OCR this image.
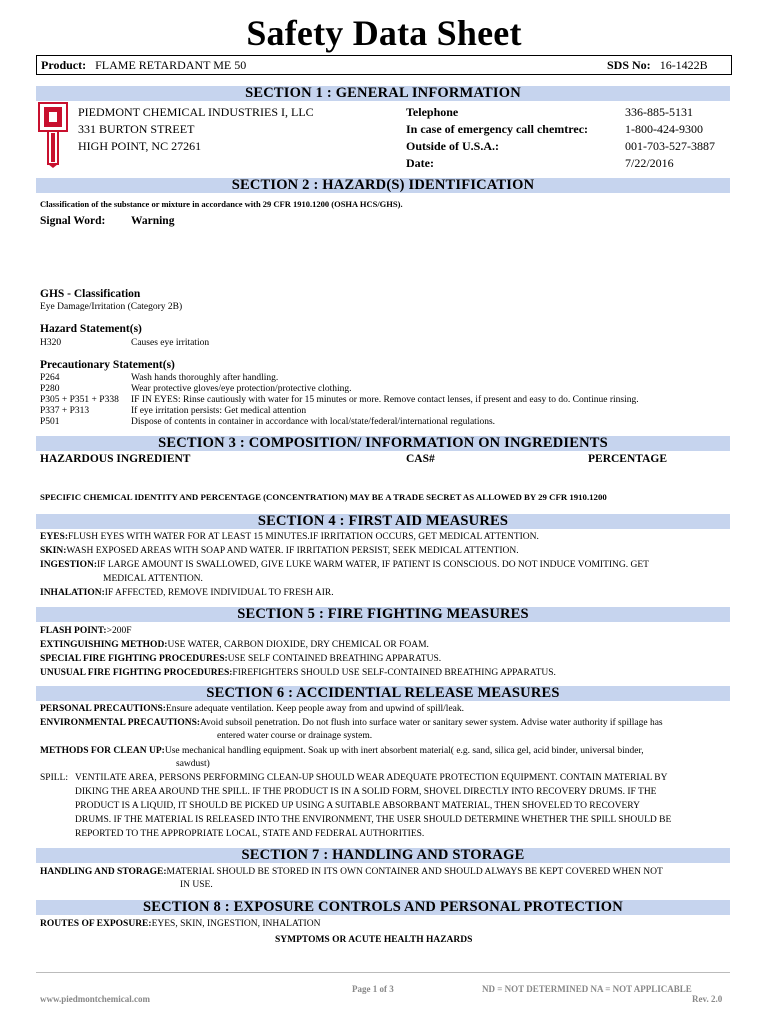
Safety Data Sheet
Product: FLAME RETARDANT ME 50	SDS No: 16-1422B
SECTION 1 : GENERAL INFORMATION
PIEDMONT CHEMICAL INDUSTRIES I, LLC
331 BURTON STREET
HIGH POINT, NC 27261
Telephone	336-885-5131
In case of emergency call chemtrec:	1-800-424-9300
Outside of U.S.A.:	001-703-527-3887
Date:	7/22/2016
SECTION 2 : HAZARD(S) IDENTIFICATION
Classification of the substance or mixture in accordance with 29 CFR 1910.1200 (OSHA HCS/GHS).
Signal Word: Warning
GHS - Classification
Eye Damage/Irritation (Category 2B)
Hazard Statement(s)
H320	Causes eye irritation
Precautionary Statement(s)
P264	Wash hands thoroughly after handling.
P280	Wear protective gloves/eye protection/protective clothing.
P305 + P351 + P338 IF IN EYES: Rinse cautiously with water for 15 minutes or more. Remove contact lenses, if present and easy to do. Continue rinsing.
P337 + P313	If eye irritation persists: Get medical attention
P501	Dispose of contents in container in accordance with local/state/federal/international regulations.
SECTION 3 : COMPOSITION/ INFORMATION ON INGREDIENTS
HAZARDOUS INGREDIENT	CAS#	PERCENTAGE
SPECIFIC CHEMICAL IDENTITY AND PERCENTAGE (CONCENTRATION) MAY BE A TRADE SECRET AS ALLOWED BY 29 CFR 1910.1200
SECTION 4 : FIRST AID MEASURES
EYES:FLUSH EYES WITH WATER FOR AT LEAST 15 MINUTES.IF IRRITATION OCCURS, GET MEDICAL ATTENTION.
SKIN:WASH EXPOSED AREAS WITH SOAP AND WATER. IF IRRITATION PERSIST, SEEK MEDICAL ATTENTION.
INGESTION:IF LARGE AMOUNT IS SWALLOWED, GIVE LUKE WARM WATER, IF PATIENT IS CONSCIOUS. DO NOT INDUCE VOMITING. GET
MEDICAL ATTENTION.
INHALATION:IF AFFECTED, REMOVE INDIVIDUAL TO FRESH AIR.
SECTION 5 : FIRE FIGHTING MEASURES
FLASH POINT:>200F
EXTINGUISHING METHOD:USE WATER, CARBON DIOXIDE, DRY CHEMICAL OR FOAM.
SPECIAL FIRE FIGHTING PROCEDURES:USE SELF CONTAINED BREATHING APPARATUS.
UNUSUAL FIRE FIGHTING PROCEDURES:FIREFIGHTERS SHOULD USE SELF-CONTAINED BREATHING APPARATUS.
SECTION 6 : ACCIDENTIAL RELEASE MEASURES
PERSONAL PRECAUTIONS:Ensure adequate ventilation. Keep people away from and upwind of spill/leak.
ENVIRONMENTAL PRECAUTIONS:Avoid subsoil penetration. Do not flush into surface water or sanitary sewer system. Advise water authority if spillage has
entered water course or drainage system.
METHODS FOR CLEAN UP:Use mechanical handling equipment. Soak up with inert absorbent material( e.g. sand, silica gel, acid binder, universal binder,
sawdust)
SPILL: VENTILATE AREA, PERSONS PERFORMING CLEAN-UP SHOULD WEAR ADEQUATE PROTECTION EQUIPMENT. CONTAIN MATERIAL BY
DIKING THE AREA AROUND THE SPILL. IF THE PRODUCT IS IN A SOLID FORM, SHOVEL DIRECTLY INTO RECOVERY DRUMS. IF THE
PRODUCT IS A LIQUID, IT SHOULD BE PICKED UP USING A SUITABLE ABSORBANT MATERIAL, THEN SHOVELED TO RECOVERY
DRUMS. IF THE MATERIAL IS RELEASED INTO THE ENVIRONMENT, THE USER SHOULD DETERMINE WHETHER THE SPILL SHOULD BE
REPORTED TO THE APPROPRIATE LOCAL, STATE AND FEDERAL AUTHORITIES.
SECTION 7 : HANDLING AND STORAGE
HANDLING AND STORAGE:MATERIAL SHOULD BE STORED IN ITS OWN CONTAINER AND SHOULD ALWAYS BE KEPT COVERED WHEN NOT
IN USE.
SECTION 8 : EXPOSURE CONTROLS AND PERSONAL PROTECTION
ROUTES OF EXPOSURE:EYES, SKIN, INGESTION, INHALATION
SYMPTOMS OR ACUTE HEALTH HAZARDS
Page 1 of 3	ND = NOT DETERMINED NA = NOT APPLICABLE
www.piedmontchemical.com	Rev. 2.0
